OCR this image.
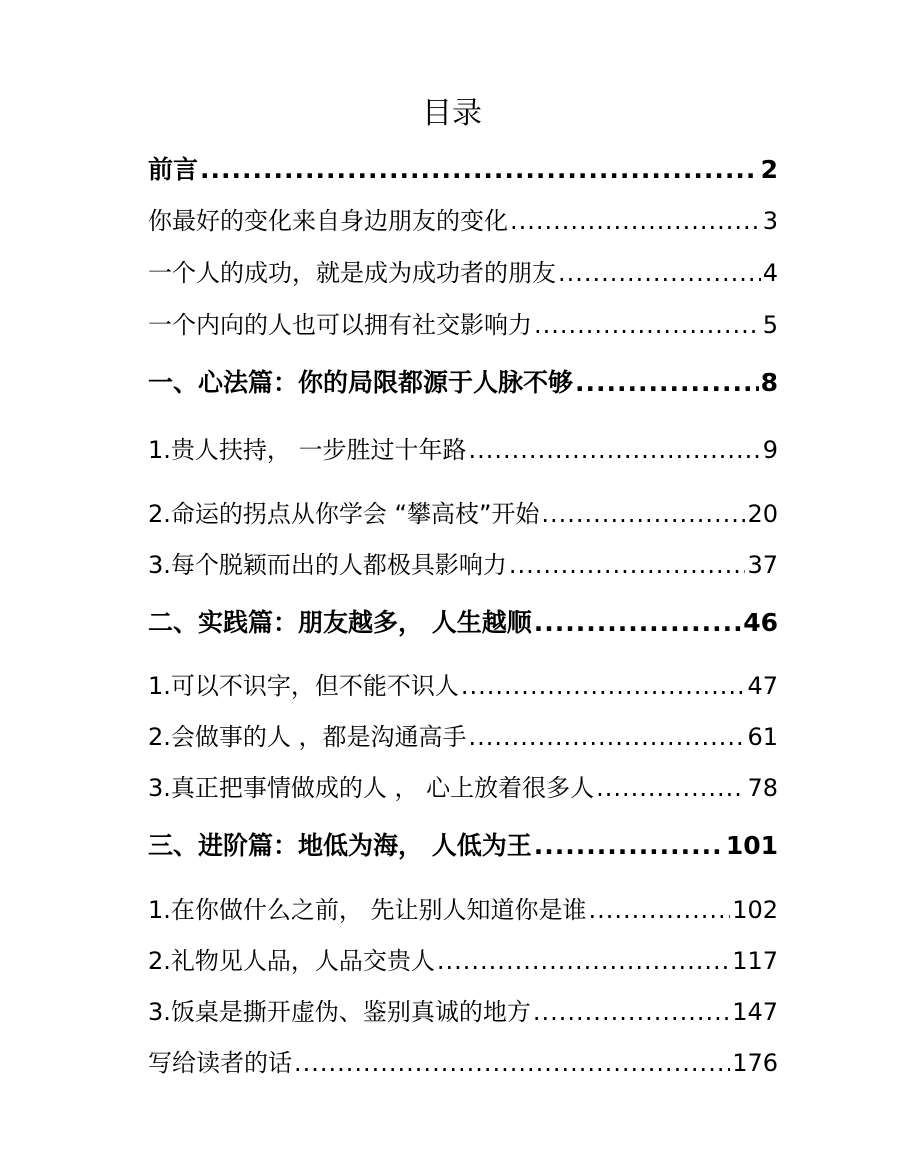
目录
前言 .....	2
你最好的变化来自身边朋友的变化 .....	3
一个人的成功，就是成为成功者的朋友 .....	4
一个内向的人也可以拥有社交影响力 .....	5
一、心法篇：你的局限都源于人脉不够 .....	8
1.贵人扶持， 一步胜过十年路 .....	9
2.命运的拐点从你学会 “攀高枝”开始 .....	20
3.每个脱颖而出的人都极具影响力 .....	37
二、实践篇：朋友越多， 人生越顺 .....	46
1.可以不识字，但不能不识人 .....	47
2.会做事的人 ，都是沟通高手 .....	61
3.真正把事情做成的人 ， 心上放着很多人 .....	78
三、进阶篇：地低为海， 人低为王 .....	101
1.在你做什么之前， 先让别人知道你是谁 .....	102
2.礼物见人品，人品交贵人 .....	117
3.饭桌是撕开虚伪、鉴别真诚的地方 .....	147
写给读者的话 .....	176
